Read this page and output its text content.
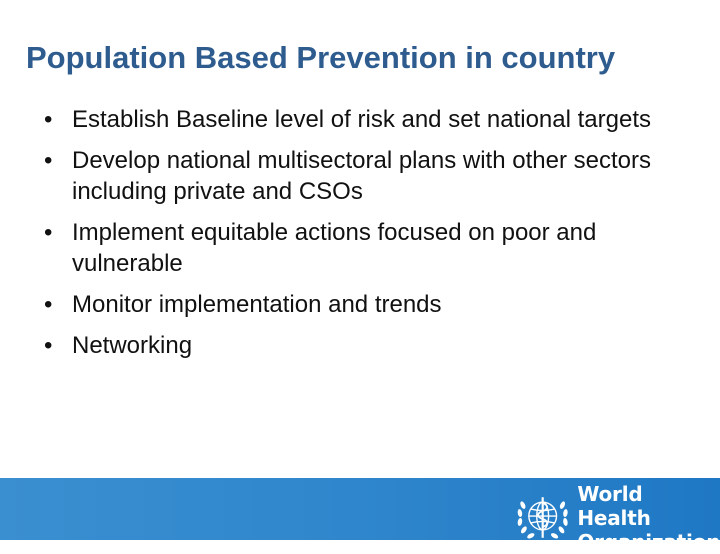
Population Based Prevention in country
• Establish Baseline level of risk and set national targets
• Develop national multisectoral plans with other sectors including private and CSOs
• Implement equitable actions focused on poor and vulnerable
• Monitor implementation and trends
• Networking
World Health
Organization
